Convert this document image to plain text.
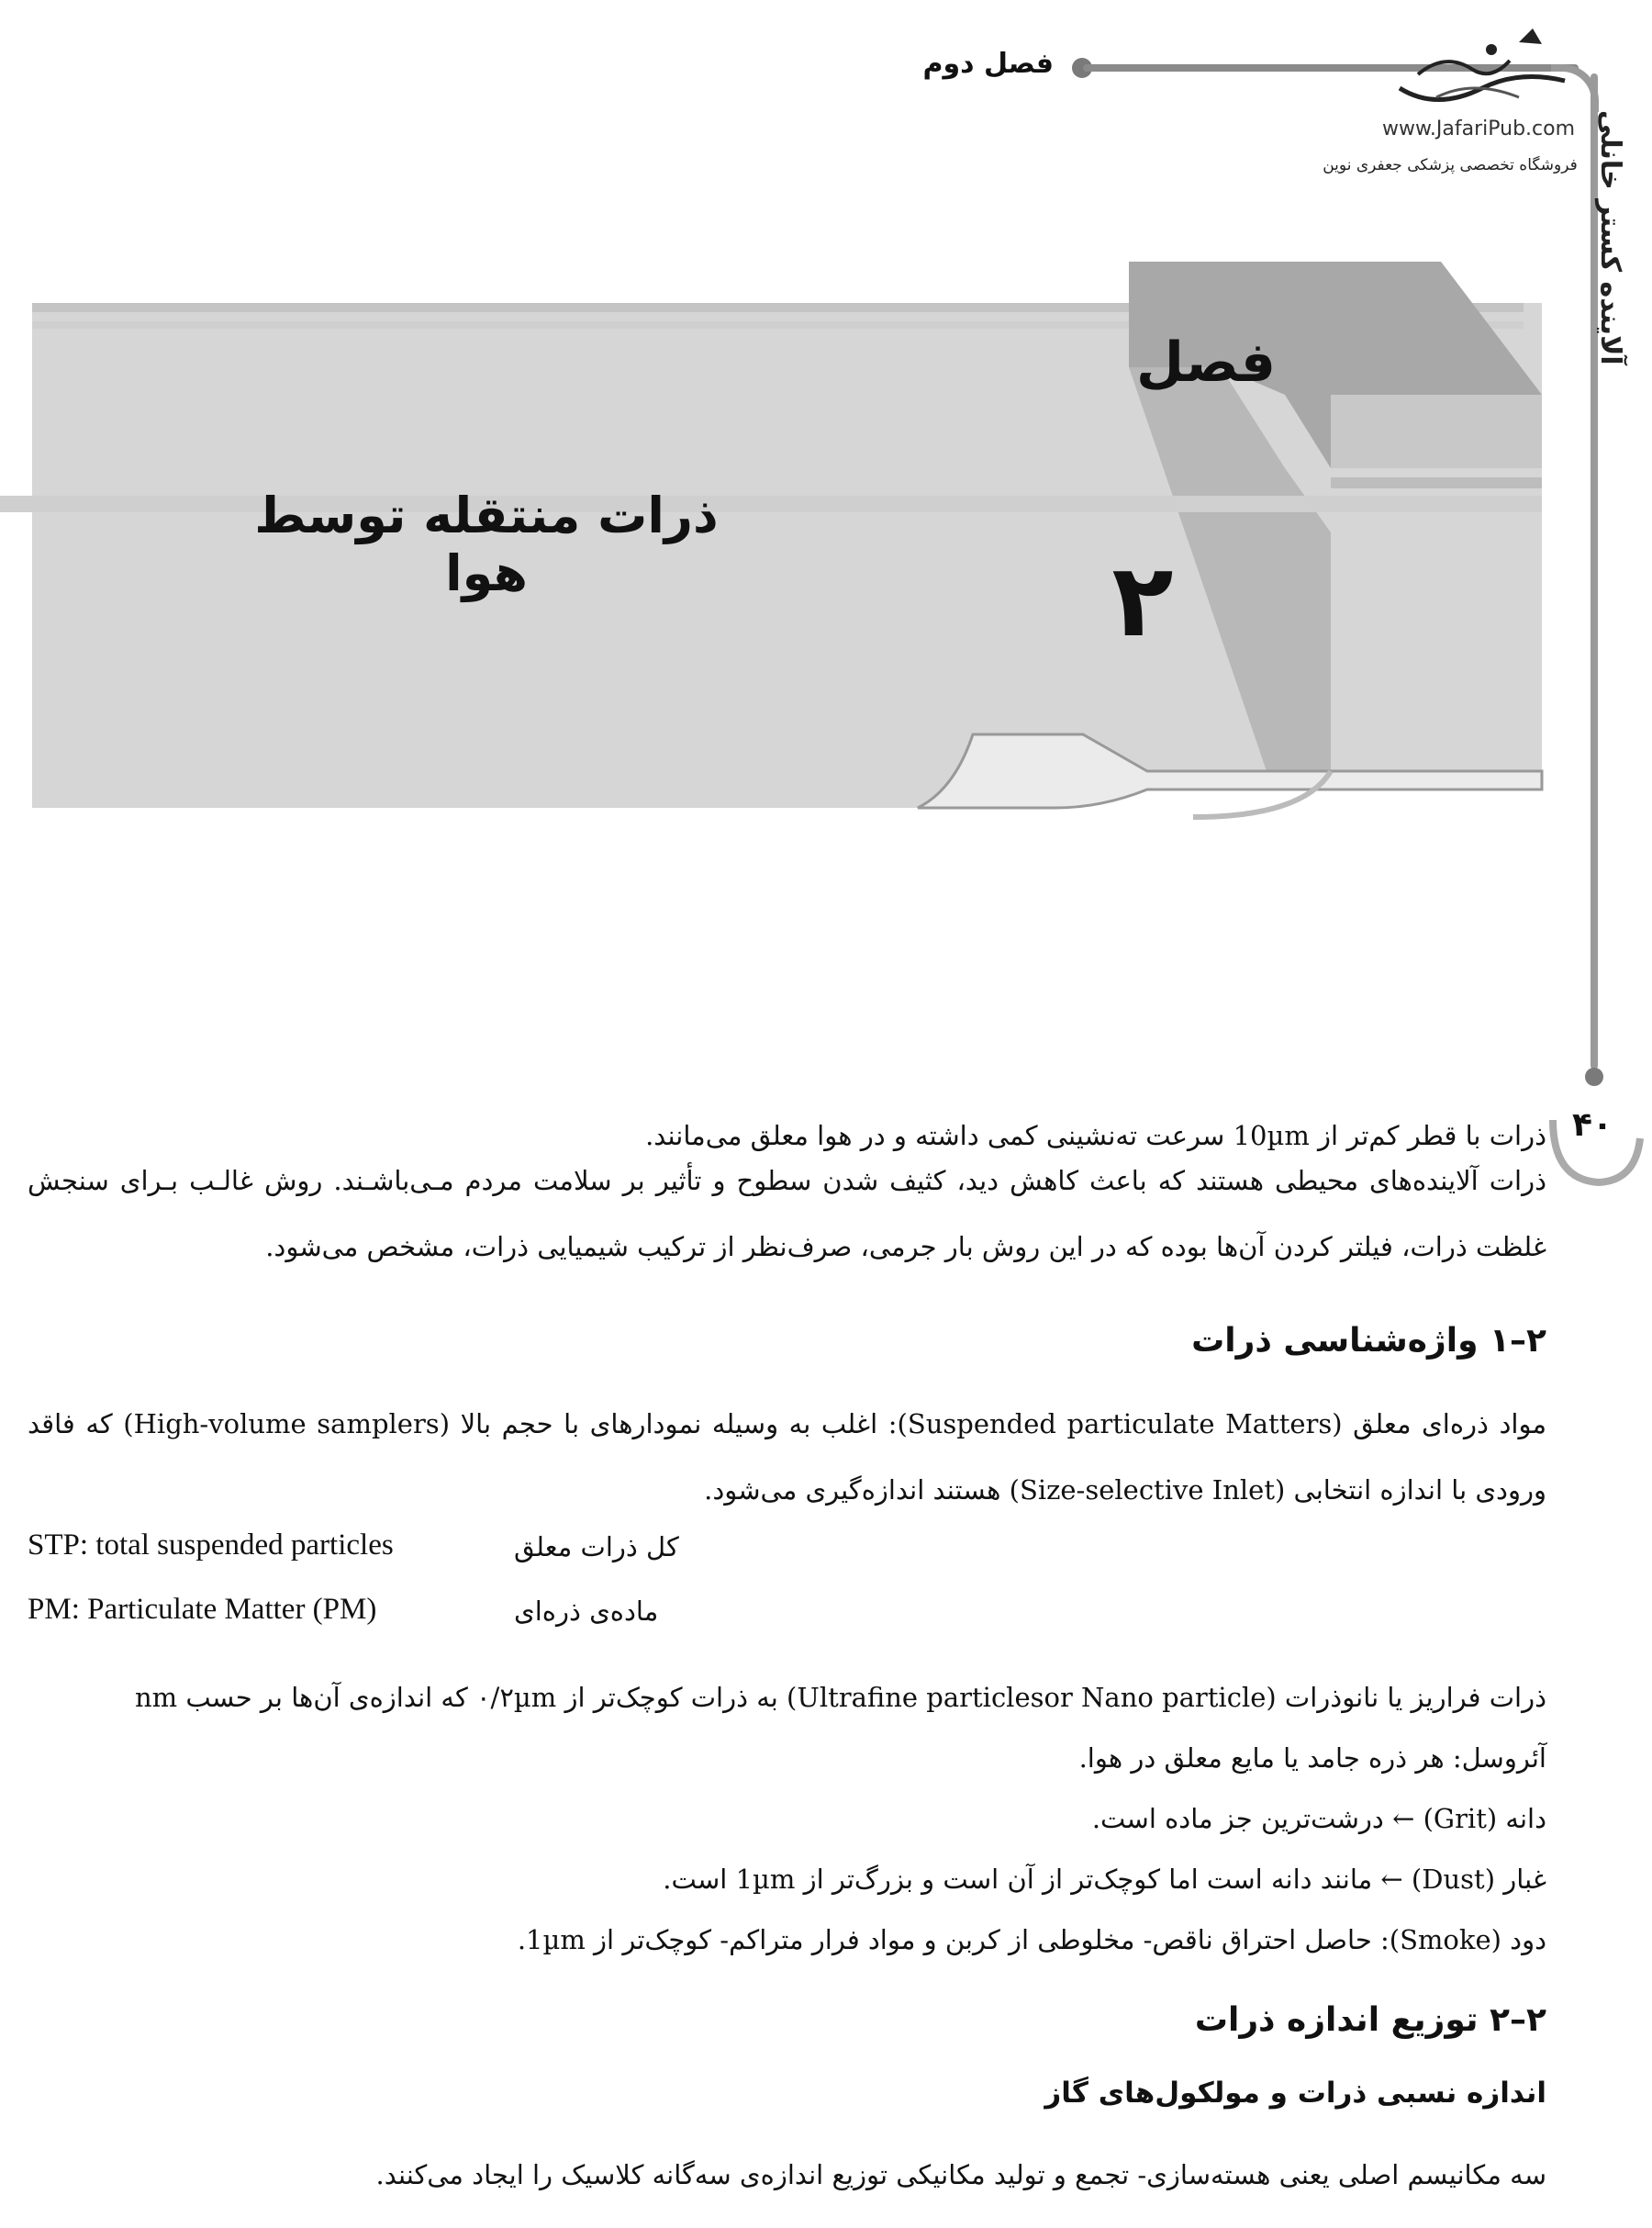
فصل دوم
www.JafariPub.com
فروشگاه تخصصی پزشکی جعفری نوین آلاینده کستر خانلی
فصل
۲
ذرات منتقله توسط هوا
۴۰
ذرات با قطر کم‌تر از 10µm سرعت ته‌نشینی کمی داشته و در هوا معلق می‌مانند.
ذرات آلاینده‌های محیطی هستند که باعث کاهش دید، کثیف شدن سطوح و تأثیر بر سلامت مردم مـی‌باشـند. روش غالـب بـرای سنجش غلظت ذرات، فیلتر کردن آن‌ها بوده که در این روش بار جرمی، صرف‌نظر از ترکیب شیمیایی ذرات، مشخص می‌شود.
۲–۱ واژه‌شناسی ذرات
مواد ذره‌ای معلق (Suspended particulate Matters): اغلب به وسیله نمودارهای با حجم بالا (High-volume samplers) که فاقد ورودی با اندازه انتخابی (Size-selective Inlet) هستند اندازه‌گیری می‌شود.
STP: total suspended particles	کل ذرات معلق
PM: Particulate Matter (PM)	ماده‌ی ذره‌ای
ذرات فراریز یا نانوذرات (Ultrafine particlesor Nano particle) به ذرات کوچک‌تر از ۰/۲µm که اندازه‌ی آن‌ها بر حسب nm
آئروسل: هر ذره جامد یا مایع معلق در هوا.
دانه (Grit) ← درشت‌ترین جز ماده است.
غبار (Dust) ← مانند دانه است اما کوچک‌تر از آن است و بزرگ‌تر از 1µm است.
دود (Smoke): حاصل احتراق ناقص- مخلوطی از کربن و مواد فرار متراکم- کوچک‌تر از 1µm.
۲–۲ توزیع اندازه ذرات
اندازه نسبی ذرات و مولکول‌های گاز
سه مکانیسم اصلی یعنی هسته‌سازی- تجمع و تولید مکانیکی توزیع اندازه‌ی سه‌گانه کلاسیک را ایجاد می‌کنند.
